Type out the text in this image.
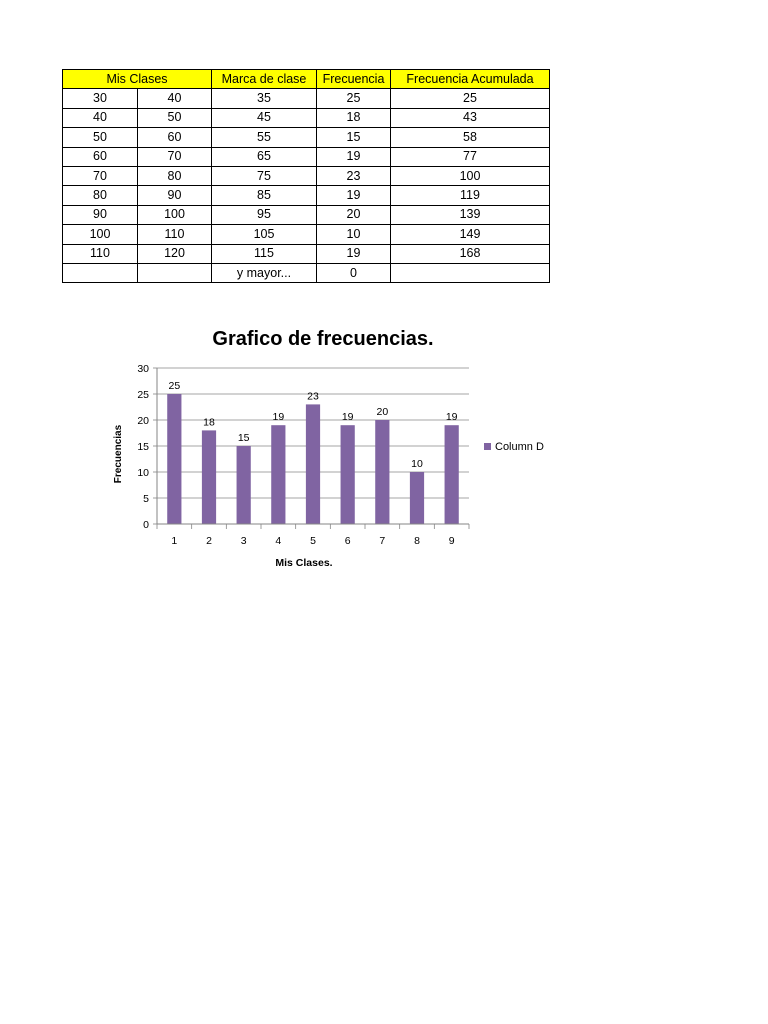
Mis Clases		Marca de clase	Frecuencia	Frecuencia Acumulada
30	40	35	25	25
40	50	45	18	43
50	60	55	15	58
60	70	65	19	77
70	80	75	23	100
80	90	85	19	119
90	100	95	20	139
100	110	105	10	149
110	120	115	19	168
		y mayor...	0	
Grafico de frecuencias.
Frecuencias
Mis Clases.
0
5
10
15
20
25
30
25
18
15
19
23
19 20
10
19
1	2	3	4	5	6	7	8	9
Column D
